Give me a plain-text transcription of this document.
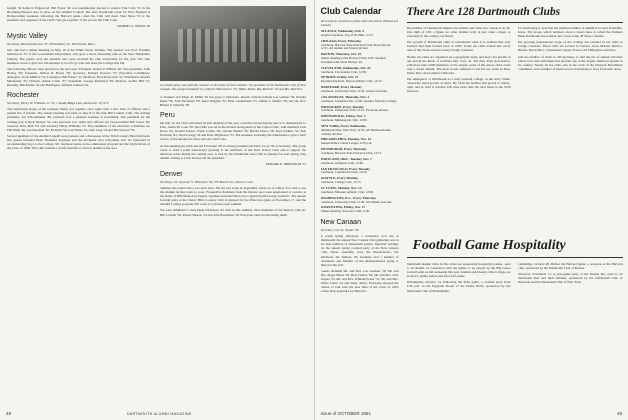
bought '34 home in Edgewood. Bill Farrar '40 was unanimously elected to replace Tim Cobb '32 in the Brookline-Newton area to serve on the Alumni Council. The next Dartmouth event for New England is Homecoming weekend, following the Harvard game, when the Club will meet. Stan Shine '52 is the president and organizer of the Club's 'last get-together' of the year in the Club room.

GILBERT G. NOKES '36

Mystic Valley

Secretary, Richard Nawson '37, 38 Salisbury St., Winchester, Mass.

Our club had a dinner meeting on May 10 at the White Swan, Woburn. The speaker was Prof. Franklin Smallwood '51 of the Government Department, who gave a most interesting talk on the New Hampshire primary. The guests were the students who were awarded the club scholarship for the year. The club members voted to give two scholarships to local boys who will enter the College this fall.

The following officers were elected for the next year: President, Robert P. O'Brien '40; Vice-president, John Healey '49; Treasurer, Walton R. Horne '36; Secretary, Richard Nawson '37; Executive Committee: Arlington, Jacob Mellion '31; Lexington, Bill Parker '51; Medford, Fred McGowan '31; Winchester, Ronald Mackenzie '35; Woburn, Arthur Carter '37; Stoneham, George Raymond '36; Melrose, Arthur Hill '51; Reading, Bill Adams '54 and Burlington, Richard Johnson '41.

Rochester

Secretary, Henry W. Williams Jr. '52, 1 Sandy Ridge Lane, Rochester 10, N.Y.

The Dartmouth group of the Genesee Valley got together once again with a new slate of officers and a sizable list of friends. The annual meeting was held on June 8 at the Oak Hill Country Club. The retiring president, Jon Schoonmaker '48, presided over a pleasant evening of socializing. Our president for the coming year is Rick Weston '52, who succeeds Jon. Other new officers are vice-president Bill Carter '49; treasurer Dave Hall '53; and secretary Henry Williams '52. New members of the executive committee are Phil Hahn '46, Lee Newman '50, Ed Kidd '50, Carl Tuttle '54, John Lang '54 and Hal Wolcott '55.

Several members of the Alumni Council were present, and a discussion of the Third Century Fund followed. Our guests included Dean Thaddeus Seymour and the Rochester area schoolmen who are interested in recommending boys to the College. Mr. Seymour spoke on the admissions program and the bright future of the Class of 1966. The Club extends a warm welcome to all new alumni in the area.

A cocktail party was held this summer at the home of Jack Gardner '29, president of the Dartmouth Club of New Canaan. The group included (l to r) Morrie Hasenclever '33, Walter Keller, Ray Reichert '29 and Mrs. Reichert.

to Yonkers and Edgar R. Miller '61 has gone to Delaware. Recent arrivals include Lee Galtner '56, Donald Dunn '59, Tom Buchanan '59, Reed Wiggins '52, Peter Lantermann '55, Alfred S. Shaffer '58, and the Rev. Hubert P. Timothy '58.

Peru

On July 12, the Club welcomed its first meeting of the year, a luncheon honoring the new U.S. Ambassador to Peru, James M. Loeb '29. The table was set in the modest background of the Capitol Club, with members Jack Rowe '42, Donald Fornes, Frank Collier '58, Charlie Mellen '56, Harold Pierce '58, Ross Parkins '52, Bob Northrup '62, David Gregg '49 and Dave Hightower '55. The speakers, including the Ambassador, gave a brief review of the situation in Peru and our Club's role.

At this meeting the Club elected Ed Parker '58 as acting president and Dave Cross '59 as secretary. The group voted to send a tenth anniversary greeting to the members of the Tuck School Club and to support the luncheon series during the coming year. A visit by the Dartmouth Glee Club is planned for next spring. Any alumni coming to Lima should call the president.

EDWARD E. PARSONS III '57

Denver

Secretary, Dr. Seymour S. Wheelock '36, 370 Marion St., Denver, Colo.

Summer has ended and a two-inch snow fall the last week in September warns us of winter. It is said to see the Alumni hockey team so soon. Prospective freshmen from the Denver area were entertained at a picnic at the home of Bill Denison in August. Speakers included Dean Joe Coggswell and George Gasbarro. The annual football party at the Cherry Hills Country Club is planned for the Princeton game on November 17, and the Alumni College program will come to Colorado next summer.

We were delighted to have Dean Nicholson '43 with us this summer. New members of the Denver Club are Bill Colwell '56, Robert Hearon '54 and John Boardman '58. Everyone joins in welcoming them.

48	DARTMOUTH ALUMNI MAGAZINE
Club Calendar

All events are luncheons unless otherwise listed. (Women are invited.)

ATLANTA, Wednesday, Feb. 5
Regular luncheon, Top of the Hub, 12:15.
CHICAGO, Every Thursday
Luncheon, Harvard-Yale-Princeton Club, Board Room, 12:15. All alumni and friends invited.
BOSTON, Thursday, Oct. 19
Dinner meeting at the Harvard Club, 6:30. Speaker: President John Sloan Dickey '29.
CLEVELAND, Wednesday, Oct. 25
Luncheon, Clevelander Club, 12:00.
DETROIT, Friday, Oct. 27
Informal luncheon, Detroit Athletic Club, 12:15.
HARTFORD, Every Monday
Luncheon, University Club, 12:30. Guests welcome.
LOS ANGELES, Thursday, Nov. 2
Luncheon, Jonathan Club, 12:00. Speaker from the College.
MILWAUKEE, Every Tuesday
Luncheon, University Club, 12:15. Everyone invited.
MINNEAPOLIS, Friday, Nov. 3
Luncheon, Minneapolis Club, 12:00.
NEW YORK, Every Wednesday
Dartmouth table, Yale Club, 12:30. All Dartmouth men cordially invited.
PHILADELPHIA, Tuesday, Nov. 14
Annual dinner, Union League, 6:30 p.m.
PITTSBURGH, Every Thursday
Luncheon, Harvard-Yale-Princeton Club, 12:15.
PORTLAND, ORE., Tuesday, Nov. 7
Luncheon, Arlington Club, 12:00.
SAN FRANCISCO, Every Tuesday
Luncheon, Commercial Club, 12:00.
SEATTLE, Every Monday
Luncheon, College Club, 12:15.
ST. LOUIS, Monday, Nov. 13
Luncheon, Missouri Athletic Club, 12:00.
WASHINGTON, D.C., Every Thursday
Luncheon, University Club, 12:30. All alumni welcome.
WORCESTER, Friday, Nov. 17
Dinner meeting, Worcester Club, 6:30.
New Canaan

Secretary, Carl A. Tucker '39

A warm spring afternoon, a somewhat cool one at Dartmouth: the annual New Canaan Club gathering was in the best tradition of Dartmouth parties. Informal 'reading' for the annual spring cocktail party of the New Canaan Club. Those attending were the Hasenclevers, the Reicherts, the Kellers, the Gardners and a number of classmates and families of the undergraduates going to Hanover this fall.

Guests included Mr. and Mrs. Lee Gardner '58, Mr. and Mrs. Roger Burns '59, Dick Trainor '60, Mr. and Mrs. John Rogers '55, Mr. and Mrs. William Foster '51, Mr. and Mrs. James Carter '41 and many others. Everyone enjoyed the chance to talk with the new men of the Class of 1965 before their departure for Hanover.

There Are 128 Dartmouth Clubs

The number of Dartmouth alumni associations and clubs now stands at an all-time high of 128, a figure no other alumni body in any other college or university in the country can match.

The growth of Dartmouth clubs is remarkable when it is realized that only fourteen had been formed prior to 1900. Today the clubs extend into every state of the Union and into many foreign countries.

Mostly, the clubs are organized on a geographic basis, and they vary greatly in size and in the kinds of activities they carry on. The New York Association, with more than 4,000 members, is the largest; some of the newer clubs count only a dozen alumni. The most recent additions to the list are clubs in Peru, Puerto Rico and northern California.

The emergence of Dartmouth as a truly national college, in the early 1940s, caused the rapid growth of clubs. By 1950 the number had grown to ninety-eight, and in 1961 it reached 128, nine more than the total listed in the 1958 directory.

It is interesting to note that the smallest number of alumni is located in Mobile, Texas. The group, which numbers about a dozen men, is called the Permian Basin Dartmouth Association and covers some 48 Texas counties.

The growing international scope of the College has resulted in ten clubs in foreign countries. These clubs are located in Canada, Great Britain, Mexico, Hawaii, Puerto Rico, Switzerland, Japan, France, the Philippines and Peru.

And the number of clubs is still growing, so that the list of annual activities which each club undertakes has become one of the largest alumni programs in the country. Nearly all the clubs join in the work of the National Enrollment Committee, and a number of them award scholarships to boys from their areas.

Football Game Hospitality

Dartmouth alumni clubs in five cities are sponsoring hospitality parties, open to all alumni, in connection with the games to be played by the Big Green football team on fall weekends this year. Alumni and friends of the College are invited to gather before and after each game.

Philadelphia, October 14. Following the Penn game, a cocktail party from 4:30 p.m. in the Egyptian Room of the Drake Hotel, sponsored by the Dartmouth Club of Philadelphia.

Cambridge, October 28. Before the Harvard game, a reception at the Harvard Club, sponsored by the Dartmouth Club of Boston.

Princeton, November 11. A post-game party at the Nassau Inn, open to all Dartmouth men and their families, sponsored by the Dartmouth Club of Princeton and the Dartmouth Club of New York.

Issue of OCTOBER 1961	49
